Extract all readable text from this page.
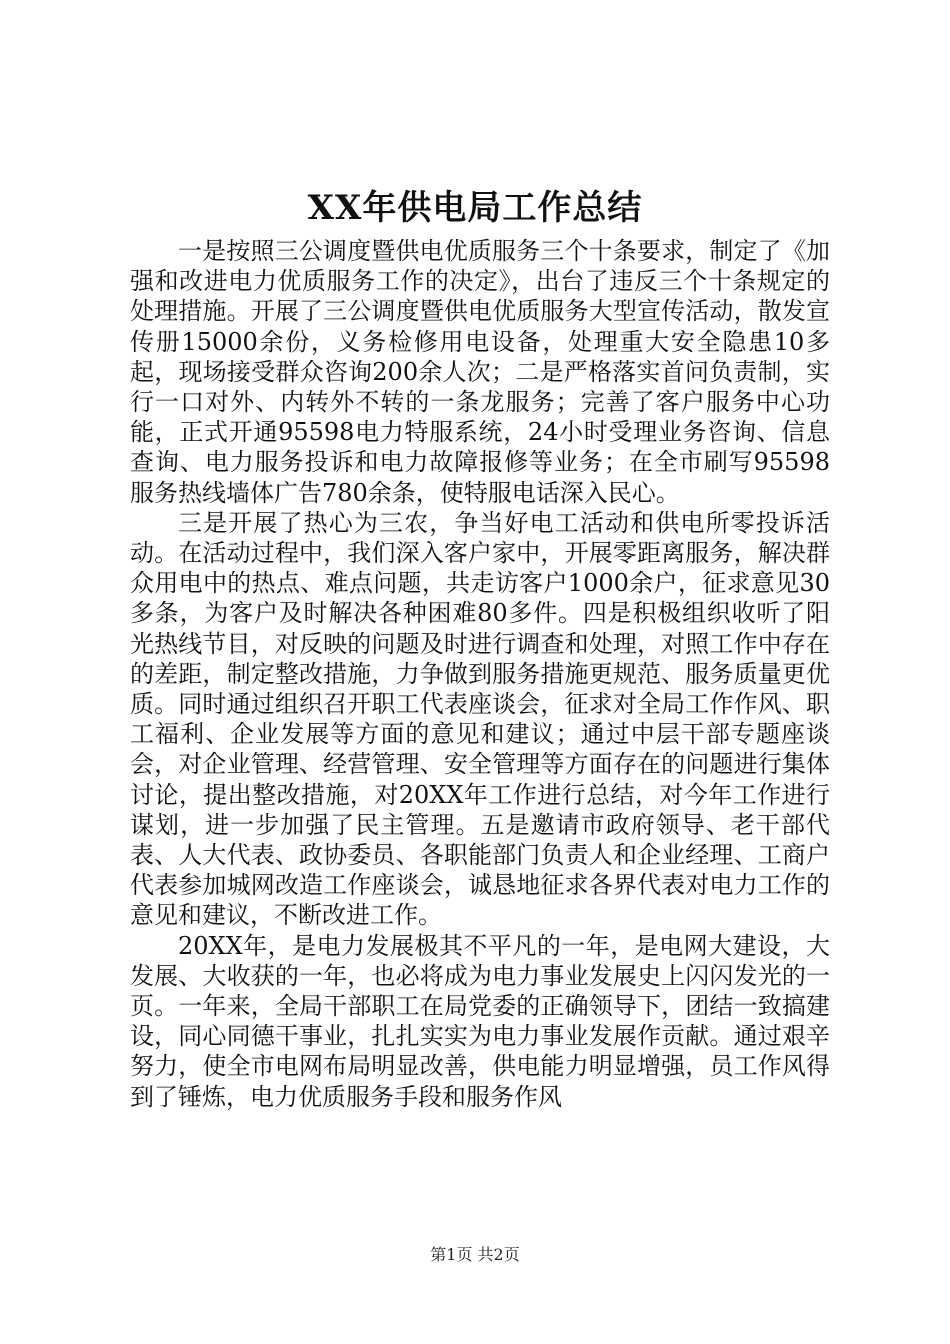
XX年供电局工作总结

一是按照三公调度暨供电优质服务三个十条要求，制定了《加强和改进电力优质服务工作的决定》，出台了违反三个十条规定的处理措施。开展了三公调度暨供电优质服务大型宣传活动，散发宣传册15000余份，义务检修用电设备，处理重大安全隐患10多起，现场接受群众咨询200余人次；二是严格落实首问负责制，实行一口对外、内转外不转的一条龙服务；完善了客户服务中心功能，正式开通95598电力特服系统，24小时受理业务咨询、信息查询、电力服务投诉和电力故障报修等业务；在全市刷写95598服务热线墙体广告780余条，使特服电话深入民心。

三是开展了热心为三农，争当好电工活动和供电所零投诉活动。在活动过程中，我们深入客户家中，开展零距离服务，解决群众用电中的热点、难点问题，共走访客户1000余户，征求意见30多条，为客户及时解决各种困难80多件。四是积极组织收听了阳光热线节目，对反映的问题及时进行调查和处理，对照工作中存在的差距，制定整改措施，力争做到服务措施更规范、服务质量更优质。同时通过组织召开职工代表座谈会，征求对全局工作作风、职工福利、企业发展等方面的意见和建议；通过中层干部专题座谈会，对企业管理、经营管理、安全管理等方面存在的问题进行集体讨论，提出整改措施，对20XX年工作进行总结，对今年工作进行谋划，进一步加强了民主管理。五是邀请市政府领导、老干部代表、人大代表、政协委员、各职能部门负责人和企业经理、工商户代表参加城网改造工作座谈会，诚恳地征求各界代表对电力工作的意见和建议，不断改进工作。

20XX年，是电力发展极其不平凡的一年，是电网大建设，大发展、大收获的一年，也必将成为电力事业发展史上闪闪发光的一页。一年来，全局干部职工在局党委的正确领导下，团结一致搞建设，同心同德干事业，扎扎实实为电力事业发展作贡献。通过艰辛努力，使全市电网布局明显改善，供电能力明显增强，员工作风得到了锤炼，电力优质服务手段和服务作风

第1页 共2页
